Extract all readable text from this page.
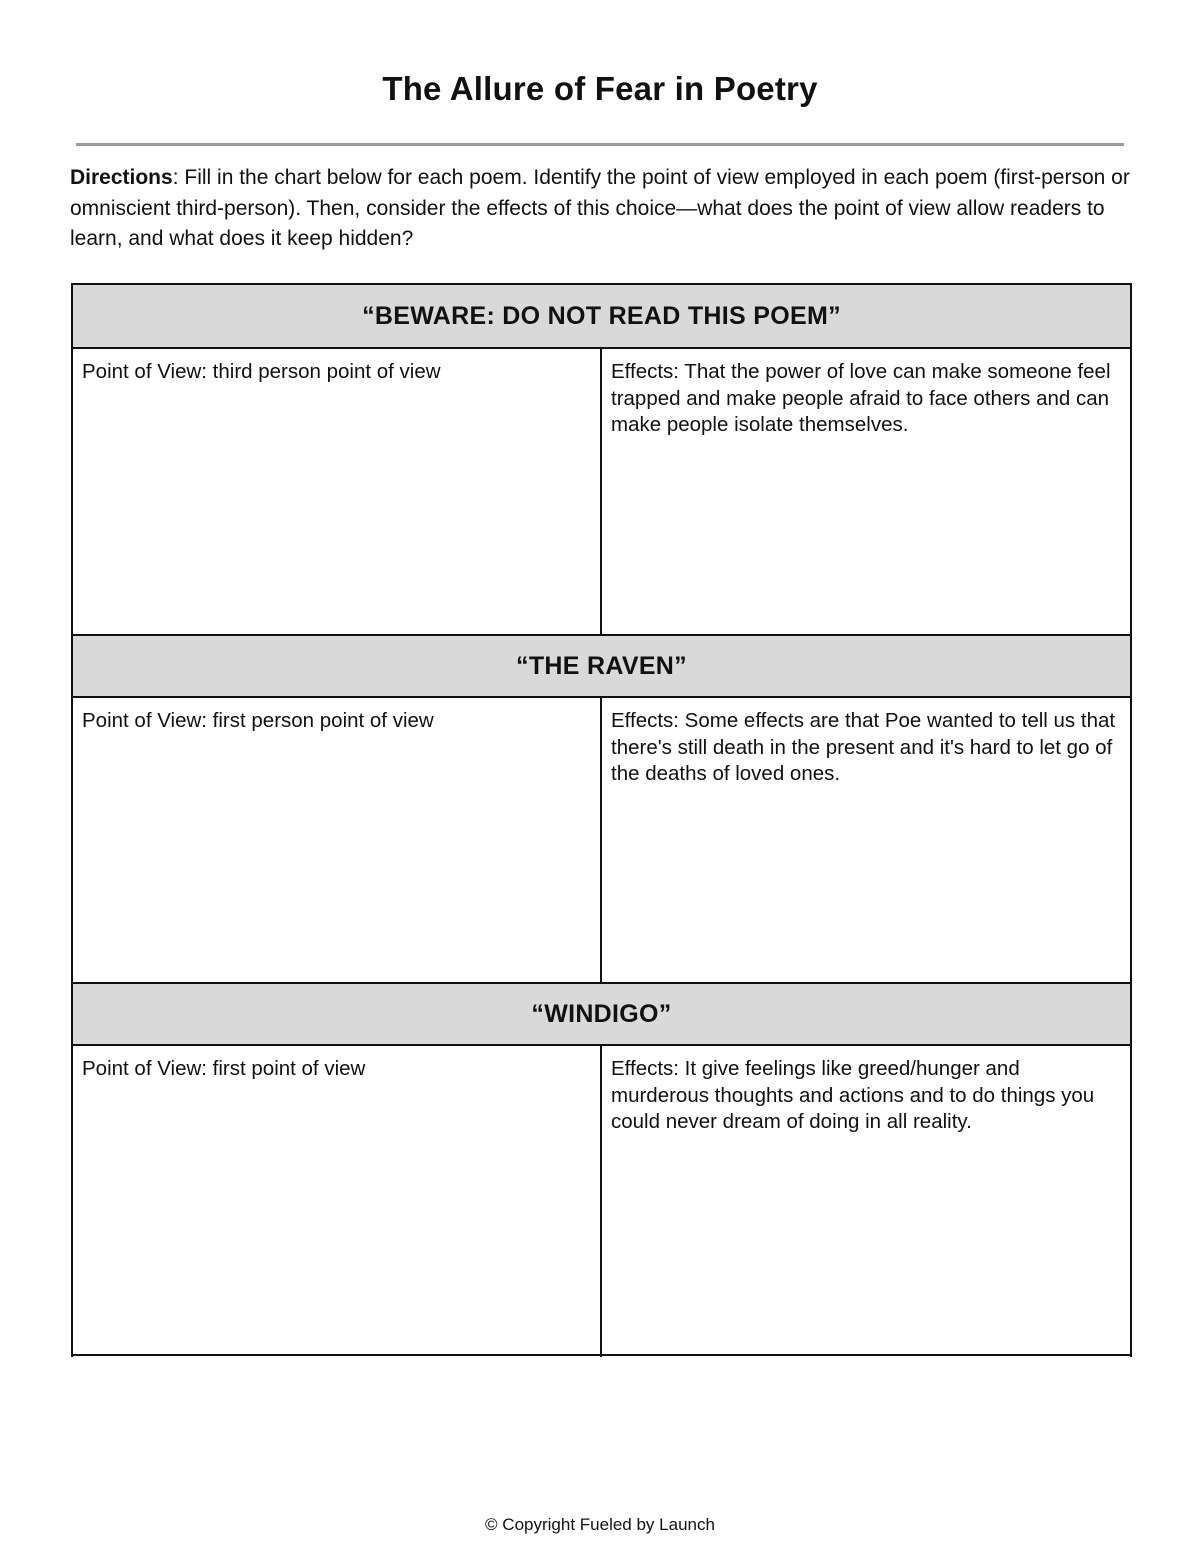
The Allure of Fear in Poetry

Directions: Fill in the chart below for each poem. Identify the point of view employed in each poem (first-person or omniscient third-person). Then, consider the effects of this choice—what does the point of view allow readers to learn, and what does it keep hidden?

“BEWARE: DO NOT READ THIS POEM”
Point of View: third person point of view	Effects: That the power of love can make someone feel trapped and make people afraid to face others and can make people isolate themselves.
“THE RAVEN”
Point of View: first person point of view	Effects: Some effects are that Poe wanted to tell us that there's still death in the present and it's hard to let go of the deaths of loved ones.
“WINDIGO”
Point of View: first point of view	Effects: It give feelings like greed/hunger and murderous thoughts and actions and to do things you could never dream of doing in all reality.
© Copyright Fueled by Launch
